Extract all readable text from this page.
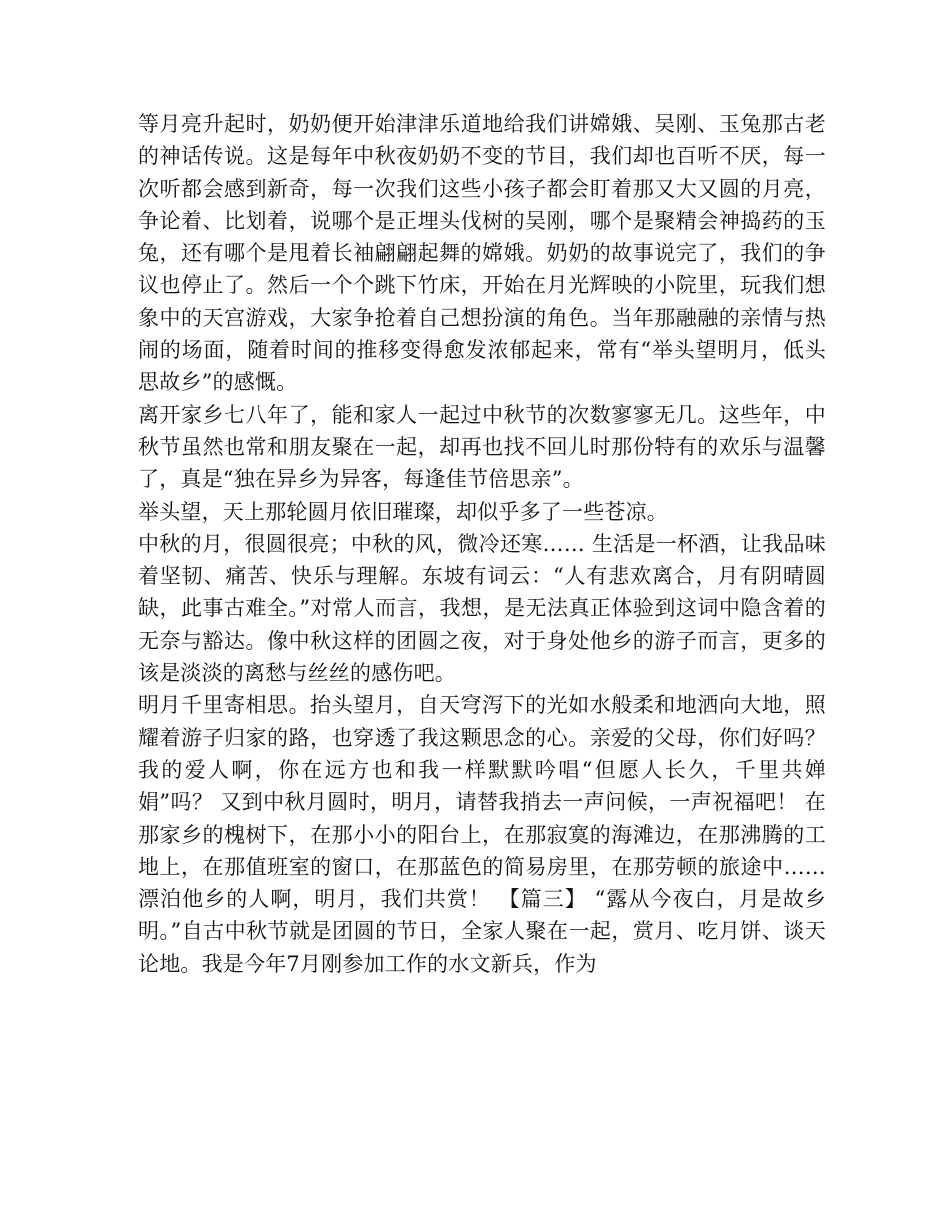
等月亮升起时，奶奶便开始津津乐道地给我们讲嫦娥、吴刚、玉兔那古老的神话传说。这是每年中秋夜奶奶不变的节目，我们却也百听不厌，每一次听都会感到新奇，每一次我们这些小孩子都会盯着那又大又圆的月亮，争论着、比划着，说哪个是正埋头伐树的吴刚，哪个是聚精会神捣药的玉兔，还有哪个是甩着长袖翩翩起舞的嫦娥。奶奶的故事说完了，我们的争议也停止了。然后一个个跳下竹床，开始在月光辉映的小院里，玩我们想象中的天宫游戏，大家争抢着自己想扮演的角色。当年那融融的亲情与热闹的场面，随着时间的推移变得愈发浓郁起来，常有“举头望明月，低头思故乡”的感慨。

离开家乡七八年了，能和家人一起过中秋节的次数寥寥无几。这些年，中秋节虽然也常和朋友聚在一起，却再也找不回儿时那份特有的欢乐与温馨了，真是“独在异乡为异客，每逢佳节倍思亲”。

举头望，天上那轮圆月依旧璀璨，却似乎多了一些苍凉。

中秋的月，很圆很亮；中秋的风，微冷还寒…… 生活是一杯酒，让我品味着坚韧、痛苦、快乐与理解。东坡有词云：“人有悲欢离合，月有阴晴圆缺，此事古难全。”对常人而言，我想，是无法真正体验到这词中隐含着的无奈与豁达。像中秋这样的团圆之夜，对于身处他乡的游子而言，更多的该是淡淡的离愁与丝丝的感伤吧。

明月千里寄相思。抬头望月，自天穹泻下的光如水般柔和地洒向大地，照耀着游子归家的路，也穿透了我这颗思念的心。亲爱的父母，你们好吗？我的爱人啊，你在远方也和我一样默默吟唱“但愿人长久，千里共婵娟”吗？ 又到中秋月圆时，明月，请替我捎去一声问候，一声祝福吧！ 在那家乡的槐树下，在那小小的阳台上，在那寂寞的海滩边，在那沸腾的工地上，在那值班室的窗口，在那蓝色的简易房里，在那劳顿的旅途中…… 漂泊他乡的人啊，明月，我们共赏！ 【篇三】 “露从今夜白，月是故乡明。”自古中秋节就是团圆的节日，全家人聚在一起，赏月、吃月饼、谈天论地。我是今年7月刚参加工作的水文新兵，作为
